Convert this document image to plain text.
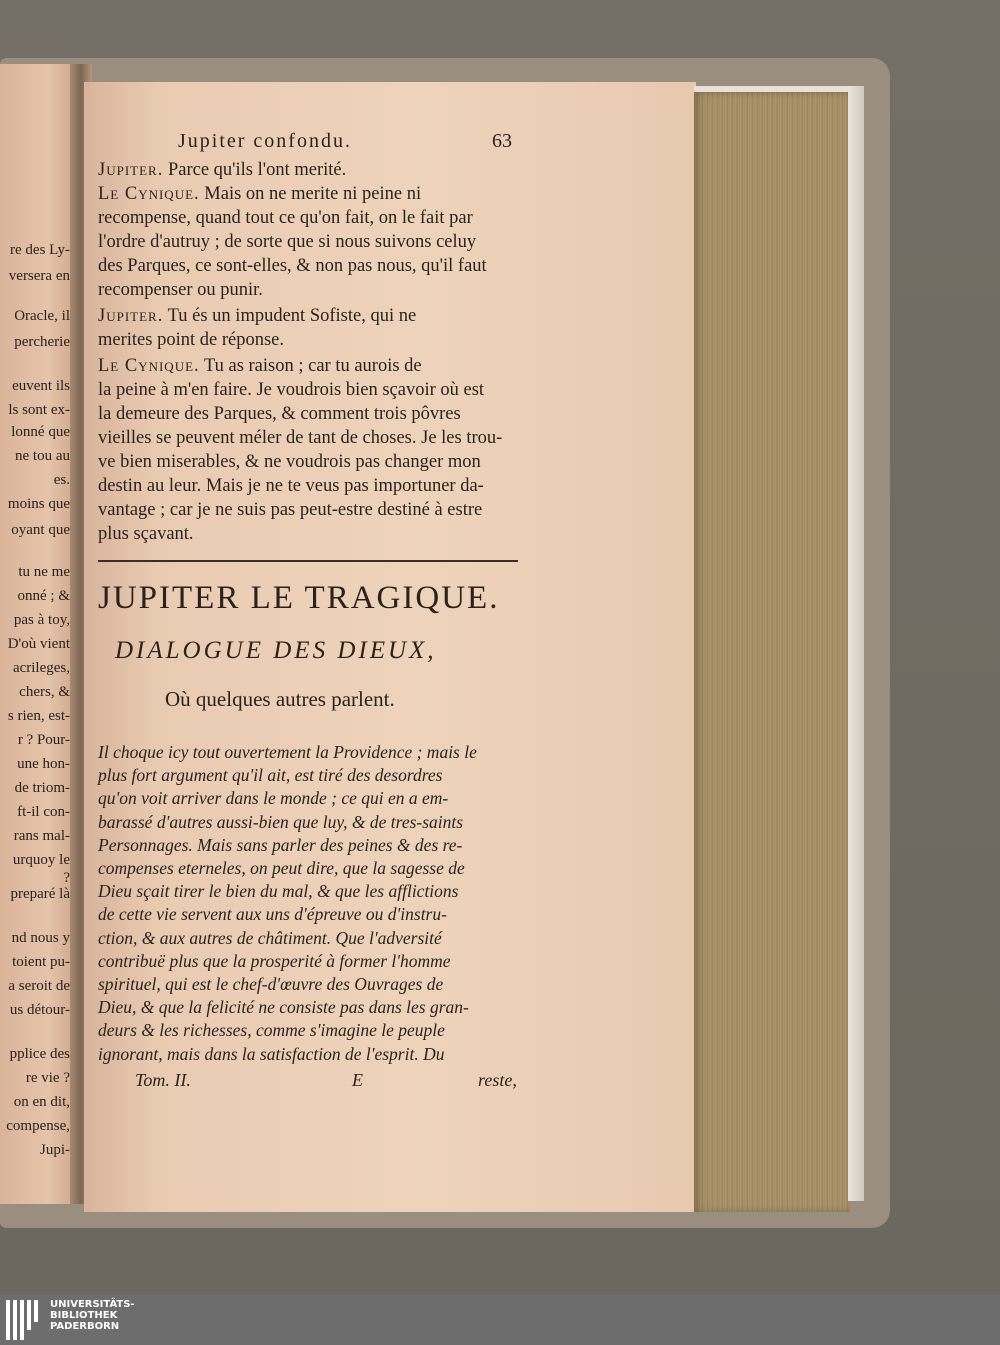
re des Ly-
versera en
Oracle, il
percherie
euvent ils
ls sont ex-
lonné que
ne tou au
es.
moins que
oyant que
tu ne me
onné ; &
pas à toy,
D'où vient
acrileges,
chers, &
s rien, est-
r ? Pour-
une hon-
de triom-
ft-il con-
rans mal-
urquoy le
?
preparé là
nd nous y
toient pu-
a seroit de
us détour-
pplice des
re vie ?
on en dit,
compense,
Jupi-
Jupiter confondu.	63
Jupiter. Parce qu'ils l'ont merité.
Le Cynique. Mais on ne merite ni peine ni
recompense, quand tout ce qu'on fait, on le fait par
l'ordre d'autruy ; de sorte que si nous suivons celuy
des Parques, ce sont-elles, & non pas nous, qu'il faut
recompenser ou punir.
Jupiter. Tu és un impudent Sofiste, qui ne
merites point de réponse.
Le Cynique. Tu as raison ; car tu aurois de
la peine à m'en faire. Je voudrois bien sçavoir où est
la demeure des Parques, & comment trois pôvres
vieilles se peuvent méler de tant de choses. Je les trou-
ve bien miserables, & ne voudrois pas changer mon
destin au leur. Mais je ne te veus pas importuner da-
vantage ; car je ne suis pas peut-estre destiné à estre
plus sçavant.
JUPITER LE TRAGIQUE.
DIALOGUE DES DIEUX,
Où quelques autres parlent.
Il choque icy tout ouvertement la Providence ; mais le
plus fort argument qu'il ait, est tiré des desordres
qu'on voit arriver dans le monde ; ce qui en a em-
barassé d'autres aussi-bien que luy, & de tres-saints
Personnages. Mais sans parler des peines & des re-
compenses eterneles, on peut dire, que la sagesse de
Dieu sçait tirer le bien du mal, & que les afflictions
de cette vie servent aux uns d'épreuve ou d'instru-
ction, & aux autres de châtiment. Que l'adversité
contribuë plus que la prosperité à former l'homme
spirituel, qui est le chef-d'œuvre des Ouvrages de
Dieu, & que la felicité ne consiste pas dans les gran-
deurs & les richesses, comme s'imagine le peuple
ignorant, mais dans la satisfaction de l'esprit. Du
Tom. II.	E	reste,
UNIVERSITÄTS-
BIBLIOTHEK
PADERBORN
